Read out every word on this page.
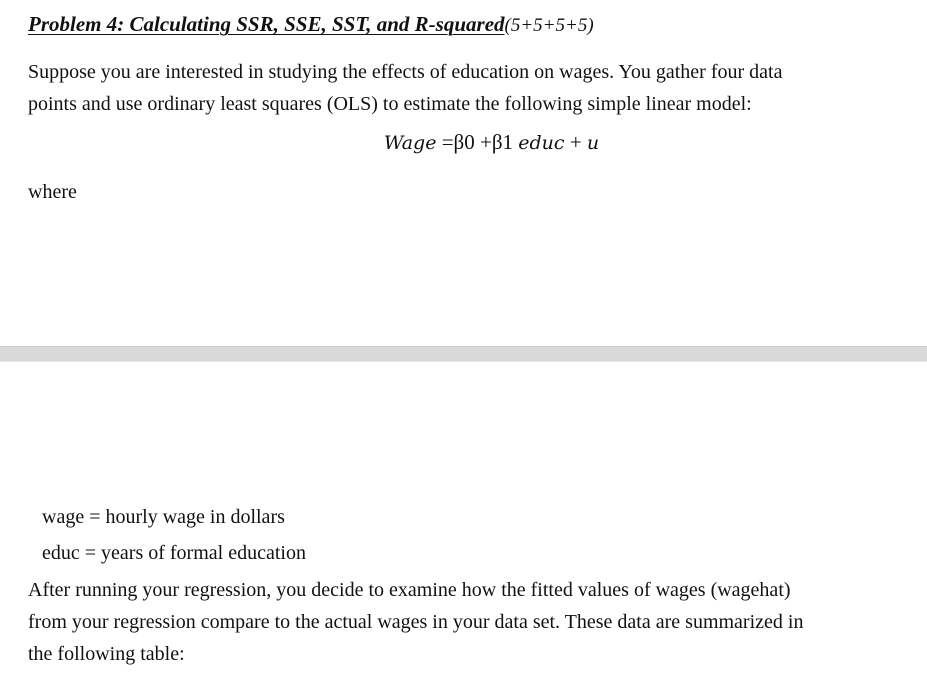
Problem 4: Calculating SSR, SSE, SST, and R-squared(5+5+5+5)
Suppose you are interested in studying the effects of education on wages. You gather four data
points and use ordinary least squares (OLS) to estimate the following simple linear model:
Wage =β0 +β1 educ + u
where
wage = hourly wage in dollars
educ = years of formal education
After running your regression, you decide to examine how the fitted values of wages (wagehat)
from your regression compare to the actual wages in your data set. These data are summarized in
the following table:
